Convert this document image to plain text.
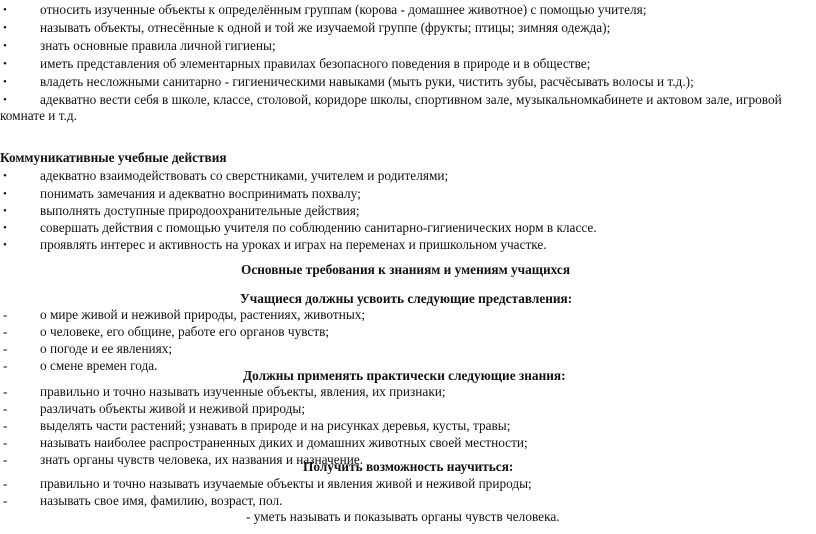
• относить изученные объекты к определённым группам (корова - домашнее животное) с помощью учителя;
• называть объекты, отнесённые к одной и той же изучаемой группе (фрукты; птицы; зимняя одежда);
• знать основные правила личной гигиены;
• иметь представления об элементарных правилах безопасного поведения в природе и в обществе;
• владеть несложными санитарно - гигиеническими навыками (мыть руки, чистить зубы, расчёсывать волосы и т.д.);
• адекватно вести себя в школе, классе, столовой, коридоре школы, спортивном зале, музыкальномкабинете и актовом зале, игровой
комнате и т.д.
Коммуникативные учебные действия
• адекватно взаимодействовать со сверстниками, учителем и родителями;
• понимать замечания и адекватно воспринимать похвалу;
• выполнять доступные природоохранительные действия;
• совершать действия с помощью учителя по соблюдению санитарно-гигиенических норм в классе.
• проявлять интерес и активность на уроках и играх на переменах и пришкольном участке.
Основные требования к знаниям и умениям учащихся
Учащиеся должны усвоить следующие представления:
- о мире живой и неживой природы, растениях, животных;
- о человеке, его общине, работе его органов чувств;
- о погоде и ее явлениях;
- о смене времен года.
Должны применять практически следующие знания:
- правильно и точно называть изученные объекты, явления, их признаки;
- различать объекты живой и неживой природы;
- выделять части растений; узнавать в природе и на рисунках деревья, кусты, травы;
- называть наиболее распространенных диких и домашних животных своей местности;
- знать органы чувств человека, их названия и назначение.
Получить возможность научиться:
- правильно и точно называть изучаемые объекты и явления живой и неживой природы;
- называть свое имя, фамилию, возраст, пол.
- уметь называть и показывать органы чувств человека.
